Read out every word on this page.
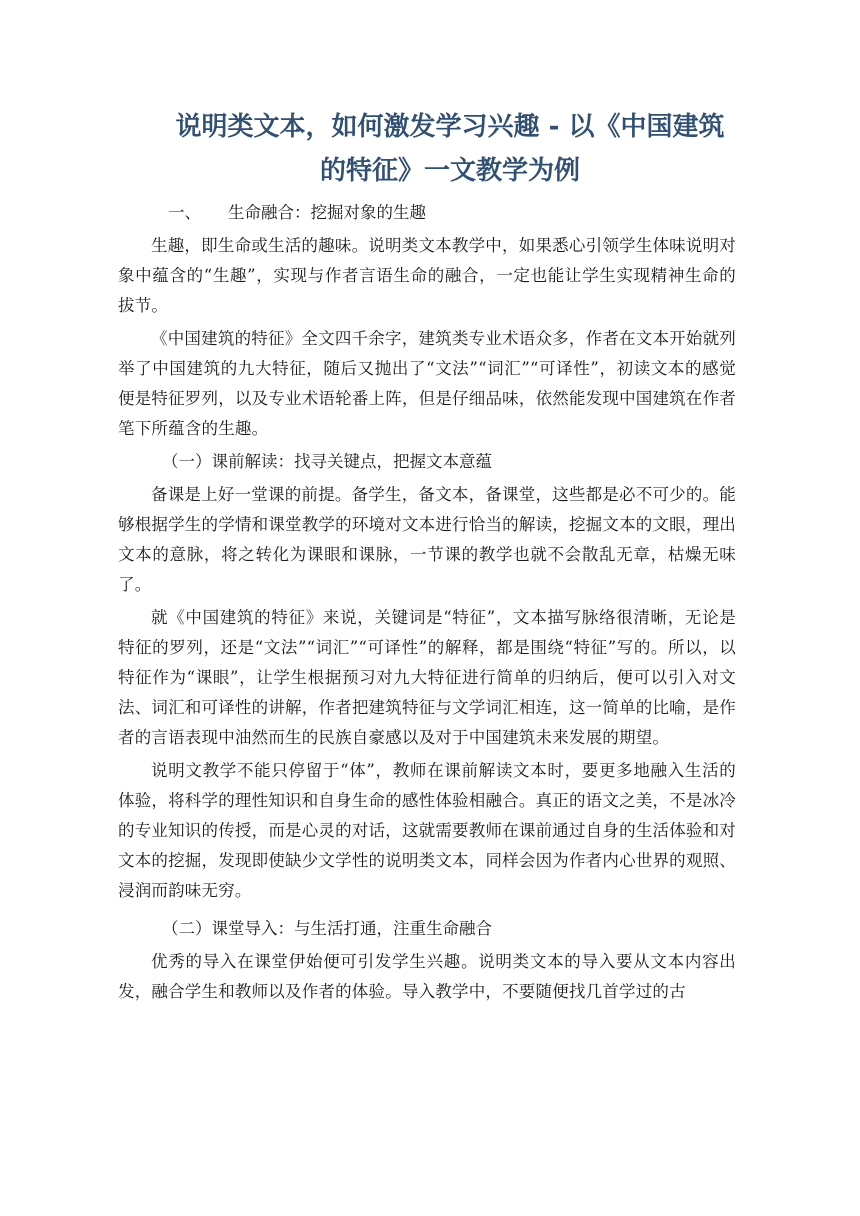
说明类文本，如何激发学习兴趣 - 以《中国建筑
的特征》一文教学为例

一、 生命融合：挖掘对象的生趣

生趣，即生命或生活的趣味。说明类文本教学中，如果悉心引领学生体味说明对象中蕴含的“生趣”，实现与作者言语生命的融合，一定也能让学生实现精神生命的拔节。

《中国建筑的特征》全文四千余字，建筑类专业术语众多，作者在文本开始就列举了中国建筑的九大特征，随后又抛出了“文法”“词汇”“可译性”，初读文本的感觉便是特征罗列，以及专业术语轮番上阵，但是仔细品味，依然能发现中国建筑在作者笔下所蕴含的生趣。

（一）课前解读：找寻关键点，把握文本意蕴

备课是上好一堂课的前提。备学生，备文本，备课堂，这些都是必不可少的。能够根据学生的学情和课堂教学的环境对文本进行恰当的解读，挖掘文本的文眼，理出文本的意脉，将之转化为课眼和课脉，一节课的教学也就不会散乱无章，枯燥无味了。

就《中国建筑的特征》来说，关键词是“特征”，文本描写脉络很清晰，无论是特征的罗列，还是“文法”“词汇”“可译性”的解释，都是围绕“特征”写的。所以，以特征作为“课眼”，让学生根据预习对九大特征进行简单的归纳后，便可以引入对文法、词汇和可译性的讲解，作者把建筑特征与文学词汇相连，这一简单的比喻，是作者的言语表现中油然而生的民族自豪感以及对于中国建筑未来发展的期望。

说明文教学不能只停留于“体”，教师在课前解读文本时，要更多地融入生活的体验，将科学的理性知识和自身生命的感性体验相融合。真正的语文之美，不是冰冷的专业知识的传授，而是心灵的对话，这就需要教师在课前通过自身的生活体验和对文本的挖掘，发现即使缺少文学性的说明类文本，同样会因为作者内心世界的观照、浸润而韵味无穷。

（二）课堂导入：与生活打通，注重生命融合

优秀的导入在课堂伊始便可引发学生兴趣。说明类文本的导入要从文本内容出发，融合学生和教师以及作者的体验。导入教学中，不要随便找几首学过的古
